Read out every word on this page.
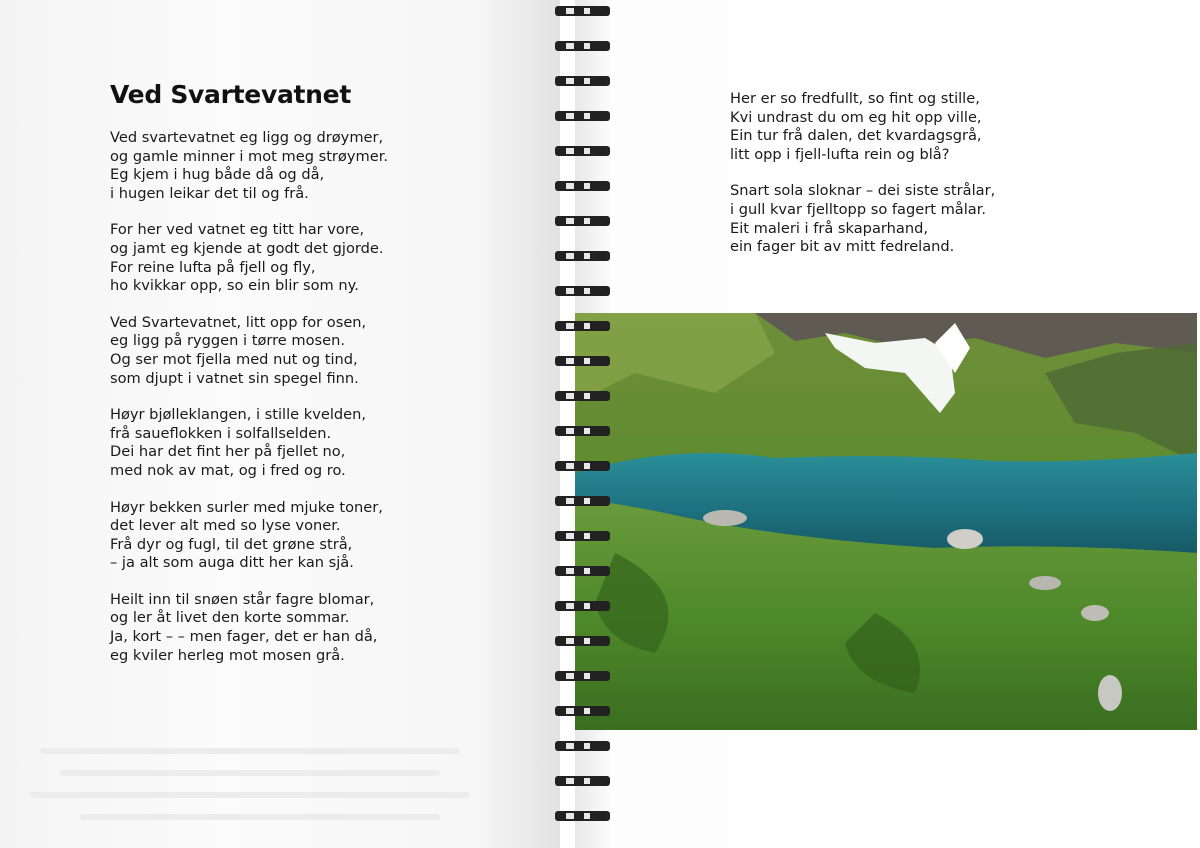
Ved Svartevatnet
Ved svartevatnet eg ligg og drøymer,
og gamle minner i mot meg strøymer.
Eg kjem i hug både då og då,
i hugen leikar det til og frå.
For her ved vatnet eg titt har vore,
og jamt eg kjende at godt det gjorde.
For reine lufta på fjell og fly,
ho kvikkar opp, so ein blir som ny.
Ved Svartevatnet, litt opp for osen,
eg ligg på ryggen i tørre mosen.
Og ser mot fjella med nut og tind,
som djupt i vatnet sin spegel finn.
Høyr bjølleklangen, i stille kvelden,
frå saueflokken i solfallselden.
Dei har det fint her på fjellet no,
med nok av mat, og i fred og ro.
Høyr bekken surler med mjuke toner,
det lever alt med so lyse voner.
Frå dyr og fugl, til det grøne strå,
– ja alt som auga ditt her kan sjå.
Heilt inn til snøen står fagre blomar,
og ler åt livet den korte sommar.
Ja, kort – – men fager, det er han då,
eg kviler herleg mot mosen grå.
Her er so fredfullt, so fint og stille,
Kvi undrast du om eg hit opp ville,
Ein tur frå dalen, det kvardagsgrå,
litt opp i fjell-lufta rein og blå?
Snart sola sloknar – dei siste strålar,
i gull kvar fjelltopp so fagert målar.
Eit maleri i frå skaparhand,
ein fager bit av mitt fedreland.
